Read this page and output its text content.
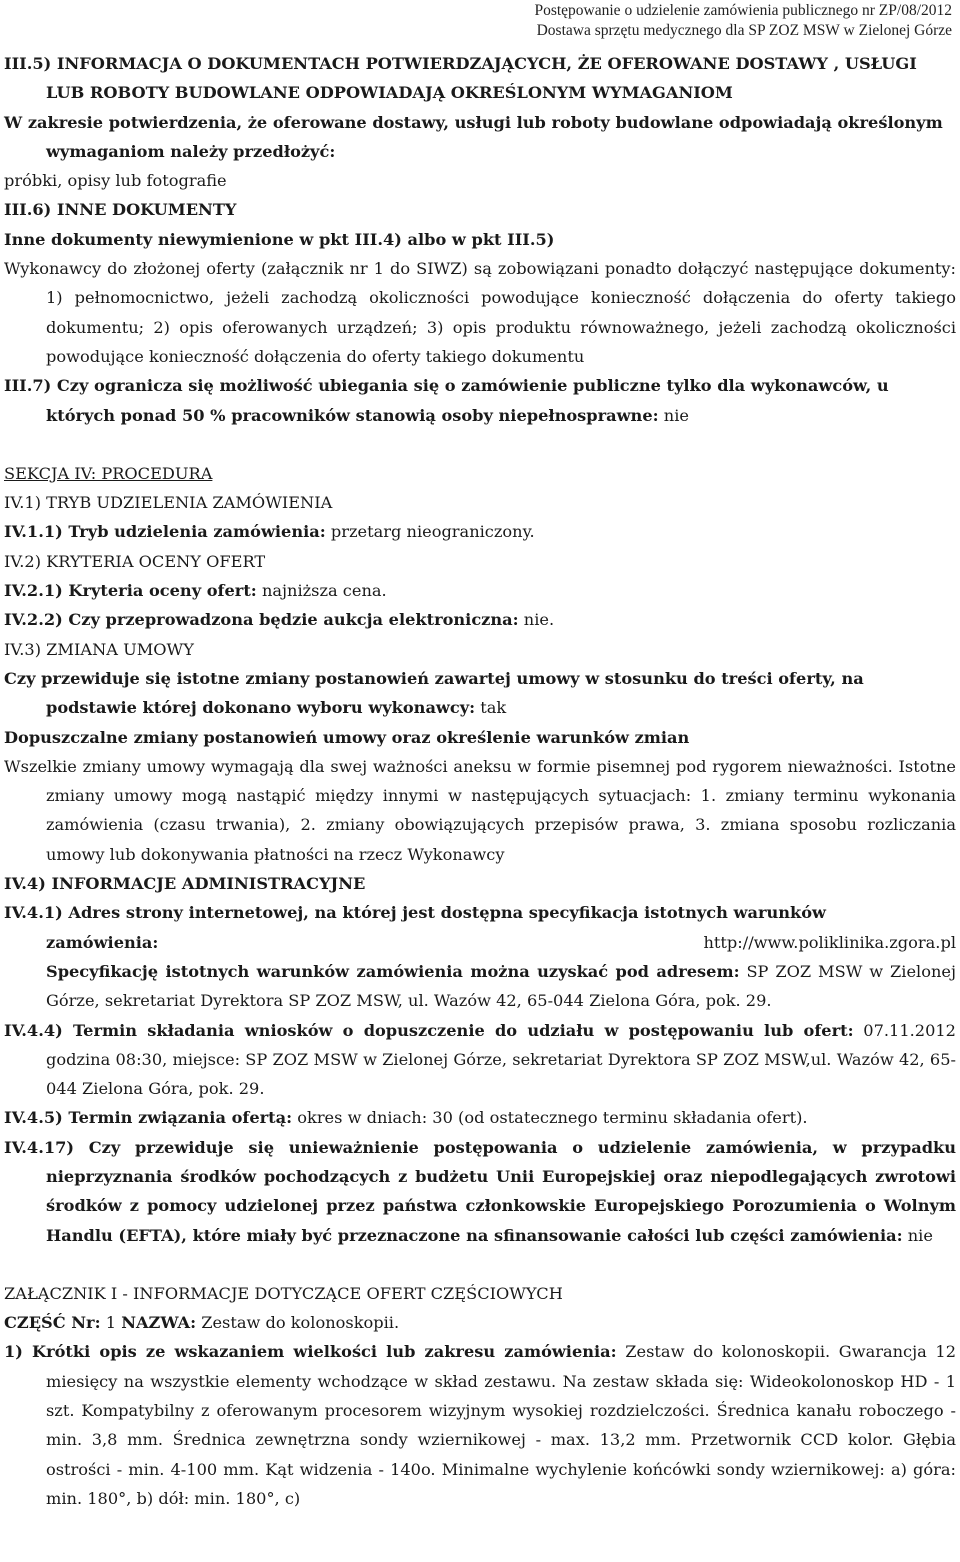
Postępowanie o udzielenie zamówienia publicznego nr ZP/08/2012
Dostawa sprzętu medycznego dla SP ZOZ MSW w Zielonej Górze

III.5) INFORMACJA O DOKUMENTACH POTWIERDZAJĄCYCH, ŻE OFEROWANE DOSTAWY , USŁUGI LUB ROBOTY BUDOWLANE ODPOWIADAJĄ OKREŚLONYM WYMAGANIOM

W zakresie potwierdzenia, że oferowane dostawy, usługi lub roboty budowlane odpowiadają określonym wymaganiom należy przedłożyć:

próbki, opisy lub fotografie

III.6) INNE DOKUMENTY

Inne dokumenty niewymienione w pkt III.4) albo w pkt III.5)

Wykonawcy do złożonej oferty (załącznik nr 1 do SIWZ) są zobowiązani ponadto dołączyć następujące dokumenty: 1) pełnomocnictwo, jeżeli zachodzą okoliczności powodujące konieczność dołączenia do oferty takiego dokumentu; 2) opis oferowanych urządzeń; 3) opis produktu równoważnego, jeżeli zachodzą okoliczności powodujące konieczność dołączenia do oferty takiego dokumentu

III.7) Czy ogranicza się możliwość ubiegania się o zamówienie publiczne tylko dla wykonawców, u których ponad 50 % pracowników stanowią osoby niepełnosprawne: nie

SEKCJA IV: PROCEDURA

IV.1) TRYB UDZIELENIA ZAMÓWIENIA

IV.1.1) Tryb udzielenia zamówienia: przetarg nieograniczony.

IV.2) KRYTERIA OCENY OFERT

IV.2.1) Kryteria oceny ofert: najniższa cena.

IV.2.2) Czy przeprowadzona będzie aukcja elektroniczna: nie.

IV.3) ZMIANA UMOWY

Czy przewiduje się istotne zmiany postanowień zawartej umowy w stosunku do treści oferty, na podstawie której dokonano wyboru wykonawcy: tak

Dopuszczalne zmiany postanowień umowy oraz określenie warunków zmian

Wszelkie zmiany umowy wymagają dla swej ważności aneksu w formie pisemnej pod rygorem nieważności. Istotne zmiany umowy mogą nastąpić między innymi w następujących sytuacjach: 1. zmiany terminu wykonania zamówienia (czasu trwania), 2. zmiany obowiązujących przepisów prawa, 3. zmiana sposobu rozliczania umowy lub dokonywania płatności na rzecz Wykonawcy

IV.4) INFORMACJE ADMINISTRACYJNE

IV.4.1) Adres strony internetowej, na której jest dostępna specyfikacja istotnych warunków

zamówienia:	http://www.poliklinika.zgora.pl

Specyfikację istotnych warunków zamówienia można uzyskać pod adresem: SP ZOZ MSW w Zielonej Górze, sekretariat Dyrektora SP ZOZ MSW, ul. Wazów 42, 65-044 Zielona Góra, pok. 29.

IV.4.4) Termin składania wniosków o dopuszczenie do udziału w postępowaniu lub ofert: 07.11.2012 godzina 08:30, miejsce: SP ZOZ MSW w Zielonej Górze, sekretariat Dyrektora SP ZOZ MSW,ul. Wazów 42, 65-044 Zielona Góra, pok. 29.

IV.4.5) Termin związania ofertą: okres w dniach: 30 (od ostatecznego terminu składania ofert).

IV.4.17) Czy przewiduje się unieważnienie postępowania o udzielenie zamówienia, w przypadku nieprzyznania środków pochodzących z budżetu Unii Europejskiej oraz niepodlegających zwrotowi środków z pomocy udzielonej przez państwa członkowskie Europejskiego Porozumienia o Wolnym Handlu (EFTA), które miały być przeznaczone na sfinansowanie całości lub części zamówienia: nie

ZAŁĄCZNIK I - INFORMACJE DOTYCZĄCE OFERT CZĘŚCIOWYCH

CZĘŚĆ Nr: 1 NAZWA: Zestaw do kolonoskopii.

1) Krótki opis ze wskazaniem wielkości lub zakresu zamówienia: Zestaw do kolonoskopii. Gwarancja 12 miesięcy na wszystkie elementy wchodzące w skład zestawu. Na zestaw składa się: Wideokolonoskop HD - 1 szt. Kompatybilny z oferowanym procesorem wizyjnym wysokiej rozdzielczości. Średnica kanału roboczego - min. 3,8 mm. Średnica zewnętrzna sondy wziernikowej - max. 13,2 mm. Przetwornik CCD kolor. Głębia ostrości - min. 4-100 mm. Kąt widzenia - 140o. Minimalne wychylenie końcówki sondy wziernikowej: a) góra: min. 180°, b) dół: min. 180°, c)
